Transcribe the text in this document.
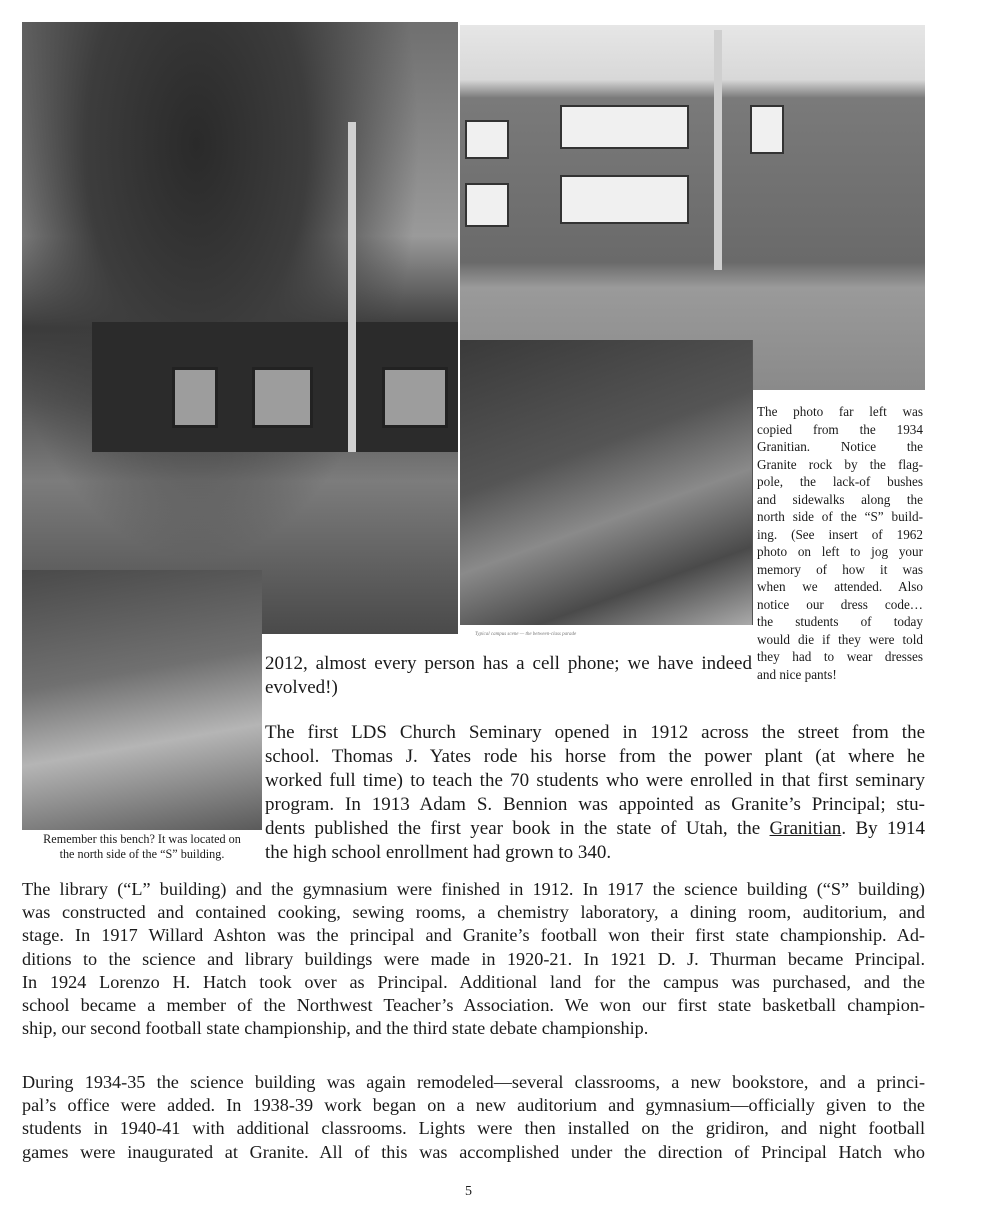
Typical campus scene — the between-class parade
The photo far left was
copied from the 1934
Granitian. Notice the
Granite rock by the flag-
pole, the lack-of bushes
and sidewalks along the
north side of the “S” build-
ing. (See insert of 1962
photo on left to jog your
memory of how it was
when we attended. Also
notice our dress code…
the students of today
would die if they were told
they had to wear dresses
and nice pants!
Remember this bench? It was located on
the north side of the “S” building.
2012, almost every person has a cell phone; we have indeed
evolved!)
The first LDS Church Seminary opened in 1912 across the street from the
school. Thomas J. Yates rode his horse from the power plant (at where he
worked full time) to teach the 70 students who were enrolled in that first seminary
program. In 1913 Adam S. Bennion was appointed as Granite’s Principal; stu-
dents published the first year book in the state of Utah, the Granitian. By 1914
the high school enrollment had grown to 340.
The library (“L” building) and the gymnasium were finished in 1912. In 1917 the science building (“S” building)
was constructed and contained cooking, sewing rooms, a chemistry laboratory, a dining room, auditorium, and
stage. In 1917 Willard Ashton was the principal and Granite’s football won their first state championship. Ad-
ditions to the science and library buildings were made in 1920-21. In 1921 D. J. Thurman became Principal.
In 1924 Lorenzo H. Hatch took over as Principal. Additional land for the campus was purchased, and the
school became a member of the Northwest Teacher’s Association. We won our first state basketball champion-
ship, our second football state championship, and the third state debate championship.
During 1934-35 the science building was again remodeled—several classrooms, a new bookstore, and a princi-
pal’s office were added. In 1938-39 work began on a new auditorium and gymnasium—officially given to the
students in 1940-41 with additional classrooms. Lights were then installed on the gridiron, and night football
games were inaugurated at Granite. All of this was accomplished under the direction of Principal Hatch who
5
